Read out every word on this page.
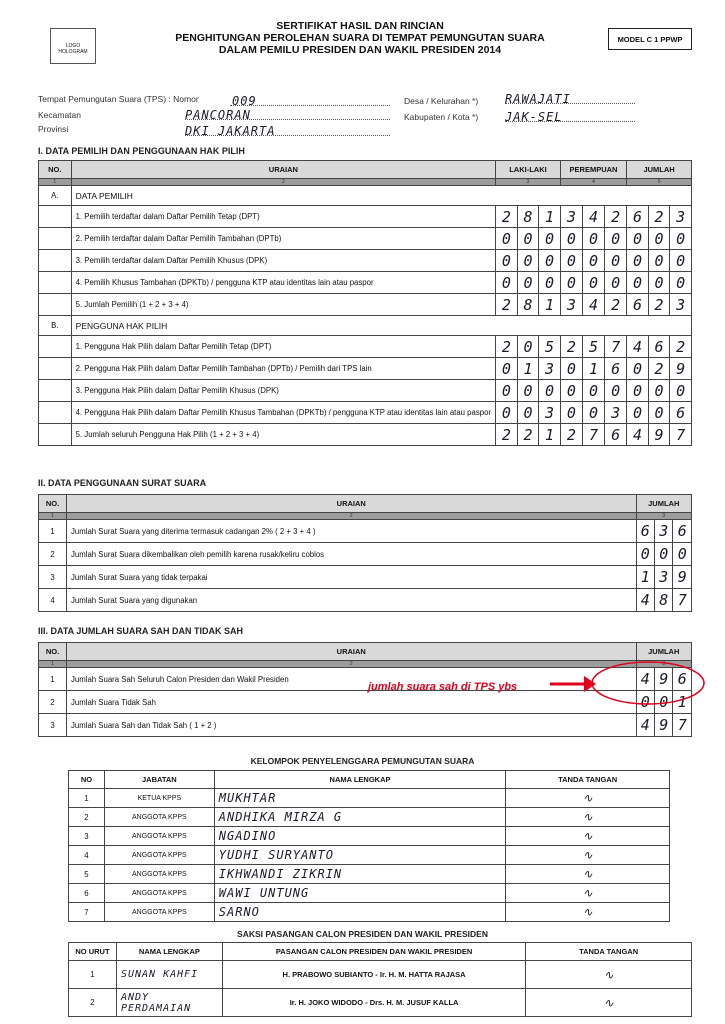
LOGO HOLOGRAM
SERTIFIKAT HASIL DAN RINCIAN
PENGHITUNGAN PEROLEHAN SUARA DI TEMPAT PEMUNGUTAN SUARA
DALAM PEMILU PRESIDEN DAN WAKIL PRESIDEN 2014
MODEL C 1 PPWP
Tempat Pemungutan Suara (TPS) : Nomor	009
Kecamatan	PANCORAN
Provinsi	DKI JAKARTA
Desa / Kelurahan *) RAWAJATI
Kabupaten / Kota *) JAK-SEL
I. DATA PEMILIH DAN PENGGUNAAN HAK PILIH
NO.	URAIAN	LAKI-LAKI			PEREMPUAN			JUMLAH		
1	2	3			4			5		
A.	DATA PEMILIH									
	1. Pemilih terdaftar dalam Daftar Pemilih Tetap (DPT)	2	8	1	3	4	2	6	2	3
	2. Pemilih terdaftar dalam Daftar Pemilih Tambahan (DPTb)	0	0	0	0	0	0	0	0	0
	3. Pemilih terdaftar dalam Daftar Pemilih Khusus (DPK)	0	0	0	0	0	0	0	0	0
	4. Pemilih Khusus Tambahan (DPKTb) / pengguna KTP atau identitas lain atau paspor	0	0	0	0	0	0	0	0	0
	5. Jumlah Pemilih (1 + 2 + 3 + 4)	2	8	1	3	4	2	6	2	3
B.	PENGGUNA HAK PILIH									
	1. Pengguna Hak Pilih dalam Daftar Pemilih Tetap (DPT)	2	0	5	2	5	7	4	6	2
	2. Pengguna Hak Pilih dalam Daftar Pemilih Tambahan (DPTb) / Pemilih dari TPS lain	0	1	3	0	1	6	0	2	9
	3. Pengguna Hak Pilih dalam Daftar Pemilih Khusus (DPK)	0	0	0	0	0	0	0	0	0
	4. Pengguna Hak Pilih dalam Daftar Pemilih Khusus Tambahan (DPKTb) / pengguna KTP atau identitas lain atau paspor	0	0	3	0	0	3	0	0	6
	5. Jumlah seluruh Pengguna Hak Pilih (1 + 2 + 3 + 4)	2	2	1	2	7	6	4	9	7
II. DATA PENGGUNAAN SURAT SUARA
NO.	URAIAN	JUMLAH		
1	2	3		
1	Jumlah Surat Suara yang diterima termasuk cadangan 2% ( 2 + 3 + 4 )	6	3	6
2	Jumlah Surat Suara dikembalikan oleh pemilih karena rusak/keliru coblos	0	0	0
3	Jumlah Surat Suara yang tidak terpakai	1	3	9
4	Jumlah Surat Suara yang digunakan	4	8	7
III. DATA JUMLAH SUARA SAH DAN TIDAK SAH
NO.	URAIAN	JUMLAH		
1	2	3		
1	Jumlah Suara Sah Seluruh Calon Presiden dan Wakil Presiden	4	9	6
2	Jumlah Suara Tidak Sah	0	0	1
3	Jumlah Suara Sah dan Tidak Sah ( 1 + 2 )	4	9	7
jumlah suara sah di TPS ybs
KELOMPOK PENYELENGGARA PEMUNGUTAN SUARA
NO	JABATAN	NAMA LENGKAP	TANDA TANGAN
1	KETUA KPPS	MUKHTAR	∿
2	ANGGOTA KPPS	ANDHIKA MIRZA G	∿
3	ANGGOTA KPPS	NGADINO	∿
4	ANGGOTA KPPS	YUDHI SURYANTO	∿
5	ANGGOTA KPPS	IKHWANDI ZIKRIN	∿
6	ANGGOTA KPPS	WAWI UNTUNG	∿
7	ANGGOTA KPPS	SARNO	∿
SAKSI PASANGAN CALON PRESIDEN DAN WAKIL PRESIDEN
NO URUT	NAMA LENGKAP	PASANGAN CALON PRESIDEN DAN WAKIL PRESIDEN	TANDA TANGAN
1	SUNAN KAHFI	H. PRABOWO SUBIANTO - Ir. H. M. HATTA RAJASA	∿
2	ANDY PERDAMAIAN	Ir. H. JOKO WIDODO - Drs. H. M. JUSUF KALLA	∿
